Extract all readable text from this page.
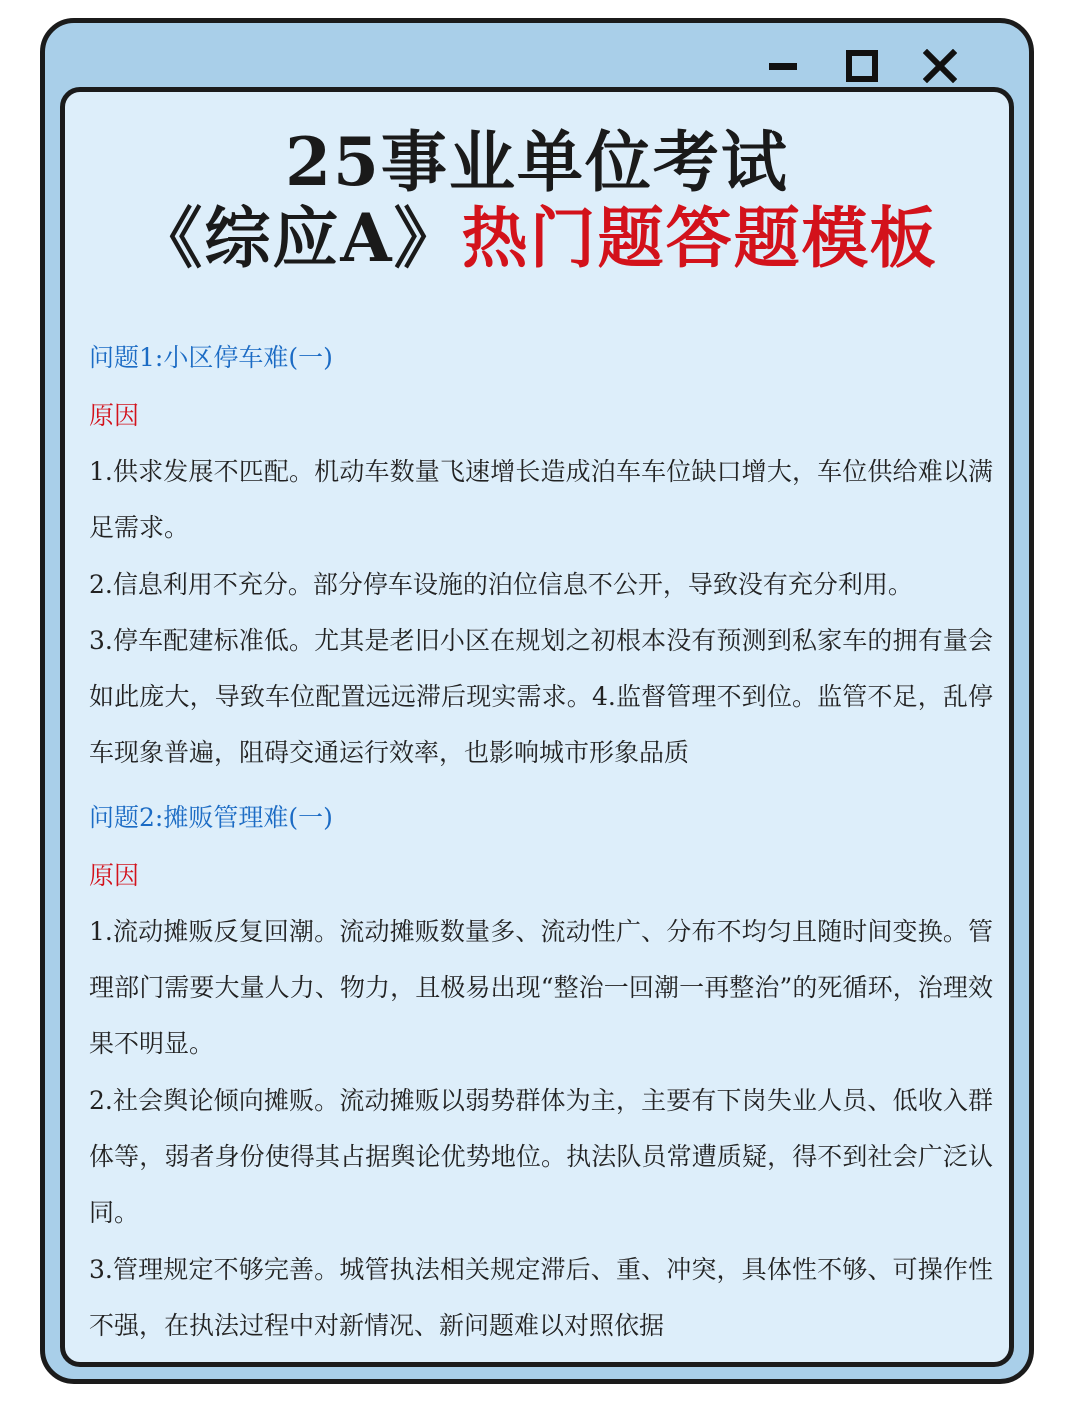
25事业单位考试
《综应A》热门题答题模板
问题1:小区停车难(一)
原因

1.供求发展不匹配。机动车数量飞速增长造成泊车车位缺口增大，车位供给难以满足需求。

2.信息利用不充分。部分停车设施的泊位信息不公开，导致没有充分利用。

3.停车配建标准低。尤其是老旧小区在规划之初根本没有预测到私家车的拥有量会如此庞大，导致车位配置远远滞后现实需求。4.监督管理不到位。监管不足，乱停车现象普遍，阻碍交通运行效率，也影响城市形象品质

问题2:摊贩管理难(一)
原因

1.流动摊贩反复回潮。流动摊贩数量多、流动性广、分布不均匀且随时间变换。管理部门需要大量人力、物力，且极易出现“整治一回潮一再整治”的死循环，治理效果不明显。

2.社会舆论倾向摊贩。流动摊贩以弱势群体为主，主要有下岗失业人员、低收入群体等，弱者身份使得其占据舆论优势地位。执法队员常遭质疑，得不到社会广泛认同。

3.管理规定不够完善。城管执法相关规定滞后、重、冲突，具体性不够、可操作性不强，在执法过程中对新情况、新问题难以对照依据
